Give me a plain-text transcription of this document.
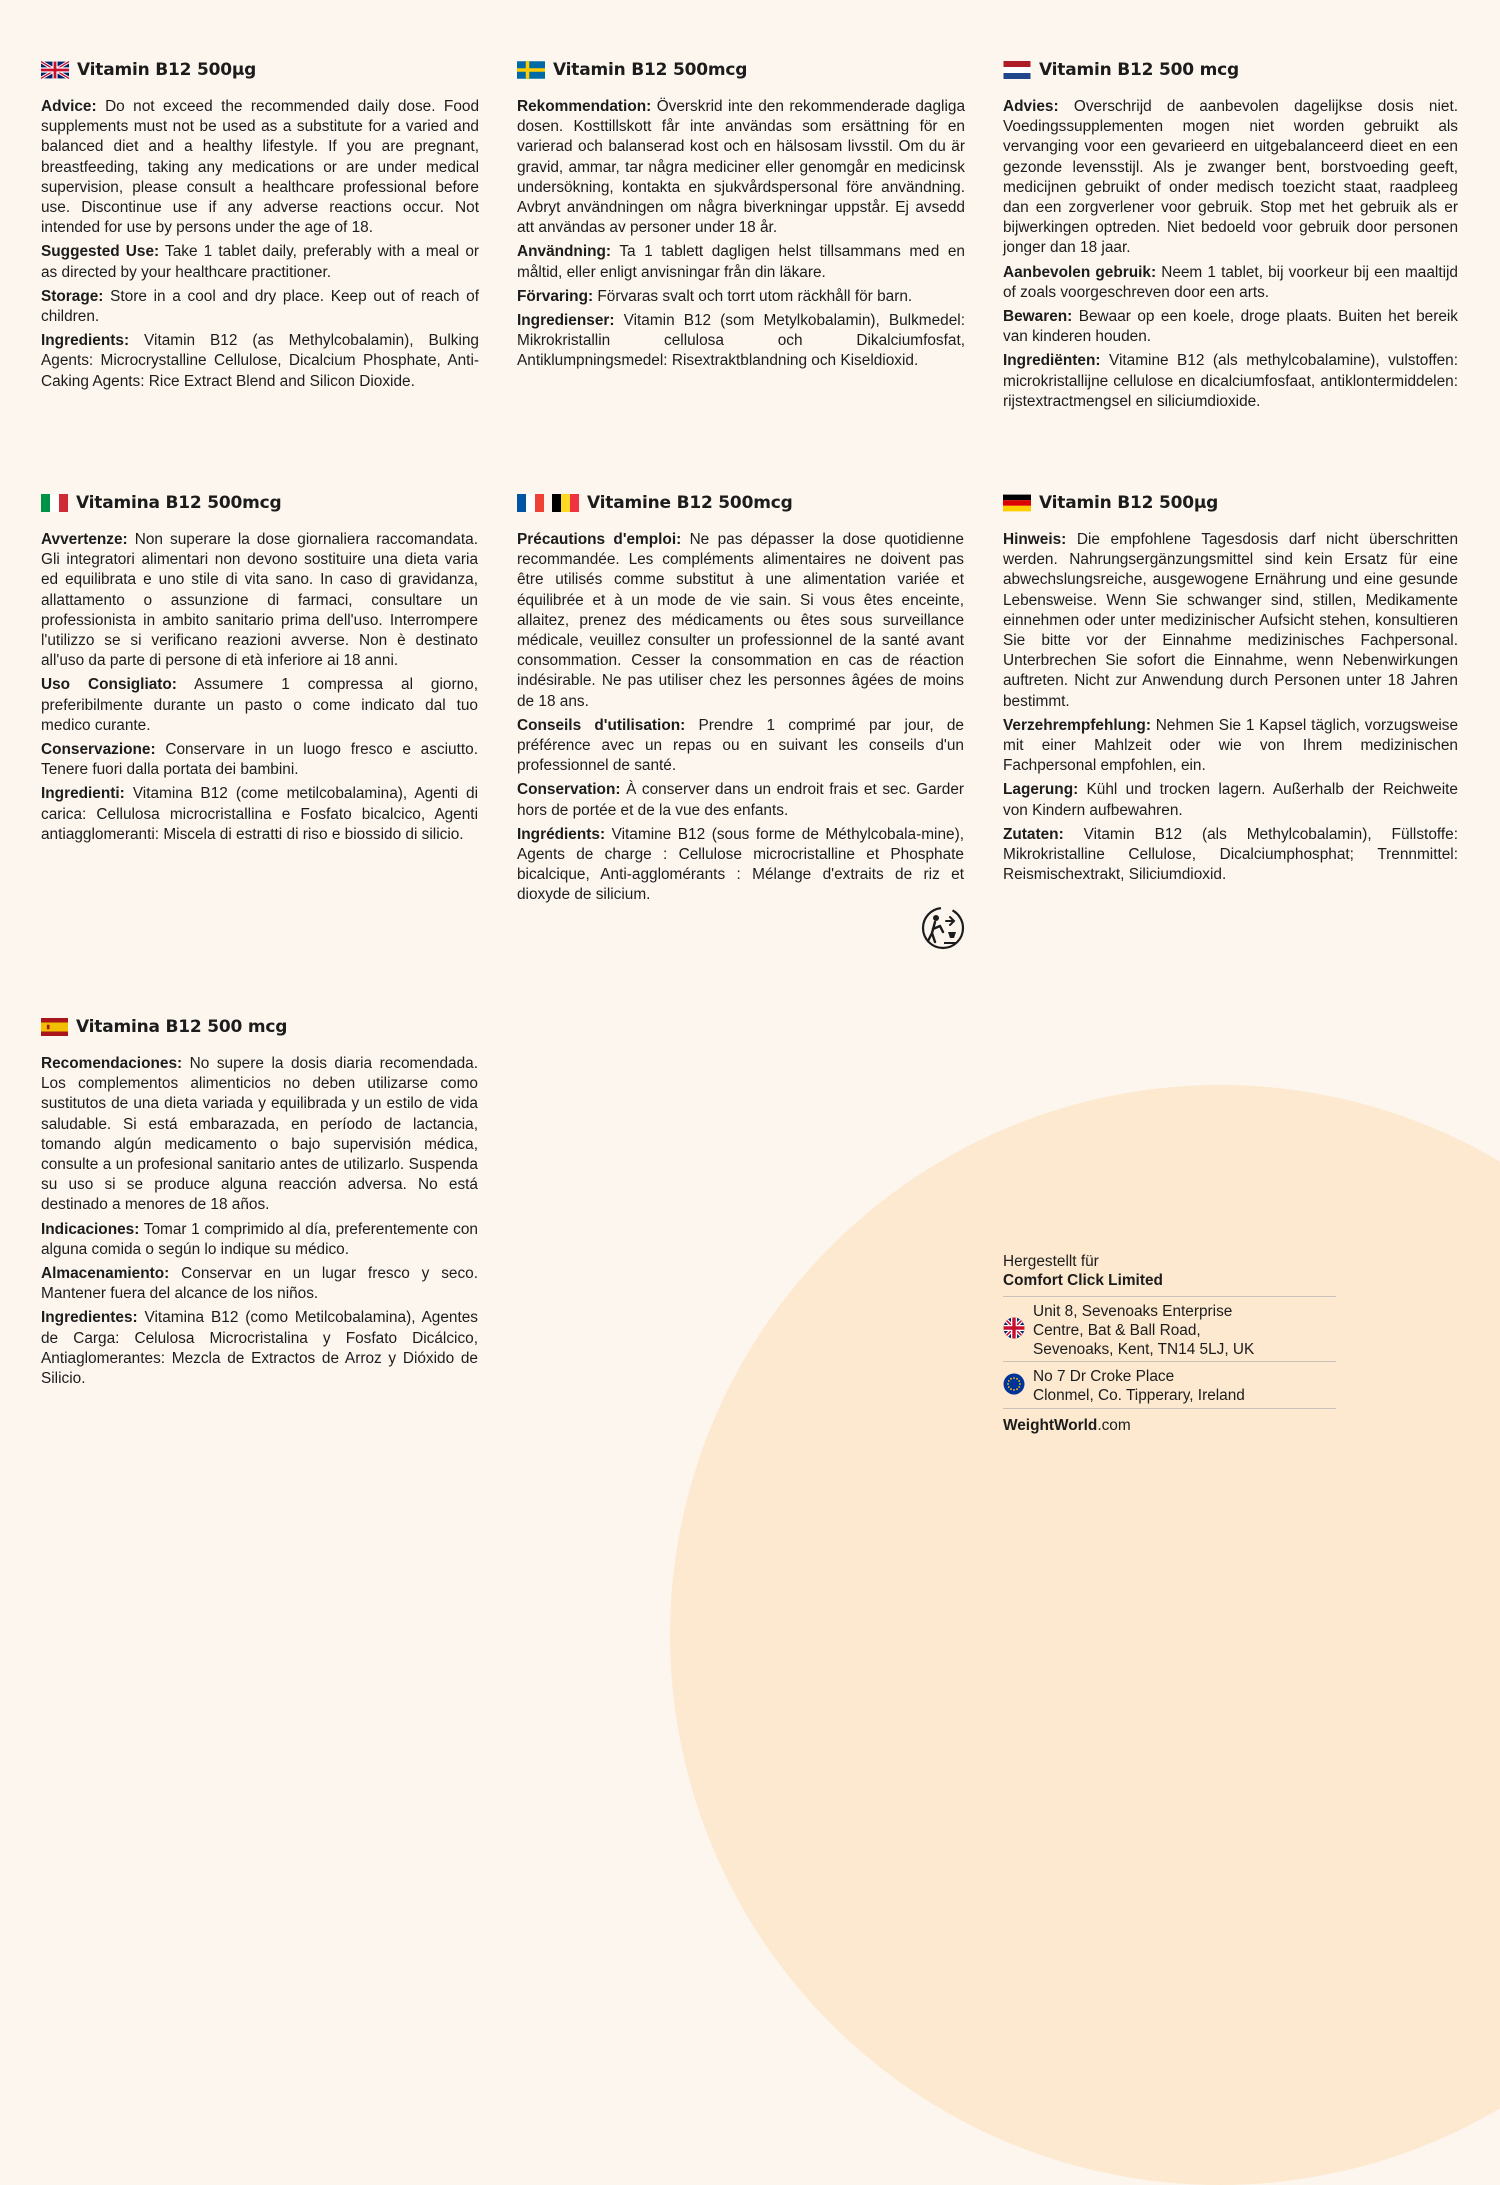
Vitamin B12 500µg

Advice: Do not exceed the recommended daily dose. Food supplements must not be used as a substitute for a varied and balanced diet and a healthy lifestyle. If you are pregnant, breastfeeding, taking any medications or are under medical supervision, please consult a healthcare professional before use. Discontinue use if any adverse reactions occur. Not intended for use by persons under the age of 18.

Suggested Use: Take 1 tablet daily, preferably with a meal or as directed by your healthcare practitioner.

Storage: Store in a cool and dry place. Keep out of reach of children.

Ingredients: Vitamin B12 (as Methylcobalamin), Bulking Agents: Microcrystalline Cellulose, Dicalcium Phosphate, Anti-Caking Agents: Rice Extract Blend and Silicon Dioxide.

Vitamin B12 500mcg

Rekommendation: Överskrid inte den rekommenderade dagliga dosen. Kosttillskott får inte användas som ersättning för en varierad och balanserad kost och en hälsosam livsstil. Om du är gravid, ammar, tar några mediciner eller genomgår en medicinsk undersökning, kontakta en sjukvårdspersonal före användning. Avbryt användningen om några biverkningar uppstår. Ej avsedd att användas av personer under 18 år.

Användning: Ta 1 tablett dagligen helst tillsammans med en måltid, eller enligt anvisningar från din läkare.

Förvaring: Förvaras svalt och torrt utom räckhåll för barn.

Ingredienser: Vitamin B12 (som Metylkobalamin), Bulkmedel: Mikrokristallin cellulosa och Dikalciumfosfat, Antiklumpningsmedel: Risextraktblandning och Kiseldioxid.

Vitamin B12 500 mcg

Advies: Overschrijd de aanbevolen dagelijkse dosis niet. Voedingssupplementen mogen niet worden gebruikt als vervanging voor een gevarieerd en uitgebalanceerd dieet en een gezonde levensstijl. Als je zwanger bent, borstvoeding geeft, medicijnen gebruikt of onder medisch toezicht staat, raadpleeg dan een zorgverlener voor gebruik. Stop met het gebruik als er bijwerkingen optreden. Niet bedoeld voor gebruik door personen jonger dan 18 jaar.

Aanbevolen gebruik: Neem 1 tablet, bij voorkeur bij een maaltijd of zoals voorgeschreven door een arts.

Bewaren: Bewaar op een koele, droge plaats. Buiten het bereik van kinderen houden.

Ingrediënten: Vitamine B12 (als methylcobalamine), vulstoffen: microkristallijne cellulose en dicalciumfosfaat, antiklontermiddelen: rijstextractmengsel en siliciumdioxide.

Vitamina B12 500mcg

Avvertenze: Non superare la dose giornaliera raccomandata. Gli integratori alimentari non devono sostituire una dieta varia ed equilibrata e uno stile di vita sano. In caso di gravidanza, allattamento o assunzione di farmaci, consultare un professionista in ambito sanitario prima dell'uso. Interrompere l'utilizzo se si verificano reazioni avverse. Non è destinato all'uso da parte di persone di età inferiore ai 18 anni.

Uso Consigliato: Assumere 1 compressa al giorno, preferibilmente durante un pasto o come indicato dal tuo medico curante.

Conservazione: Conservare in un luogo fresco e asciutto. Tenere fuori dalla portata dei bambini.

Ingredienti: Vitamina B12 (come metilcobalamina), Agenti di carica: Cellulosa microcristallina e Fosfato bicalcico, Agenti antiagglomeranti: Miscela di estratti di riso e biossido di silicio.

Vitamine B12 500mcg

Précautions d'emploi: Ne pas dépasser la dose quotidienne recommandée. Les compléments alimentaires ne doivent pas être utilisés comme substitut à une alimentation variée et équilibrée et à un mode de vie sain. Si vous êtes enceinte, allaitez, prenez des médicaments ou êtes sous surveillance médicale, veuillez consulter un professionnel de la santé avant consommation. Cesser la consommation en cas de réaction indésirable. Ne pas utiliser chez les personnes âgées de moins de 18 ans.

Conseils d'utilisation: Prendre 1 comprimé par jour, de préférence avec un repas ou en suivant les conseils d'un professionnel de santé.

Conservation: À conserver dans un endroit frais et sec. Garder hors de portée et de la vue des enfants.

Ingrédients: Vitamine B12 (sous forme de Méthylcobala-mine), Agents de charge : Cellulose microcristalline et Phosphate bicalcique, Anti-agglomérants : Mélange d'extraits de riz et dioxyde de silicium.

Vitamin B12 500µg

Hinweis: Die empfohlene Tagesdosis darf nicht überschritten werden. Nahrungsergänzungsmittel sind kein Ersatz für eine abwechslungsreiche, ausgewogene Ernährung und eine gesunde Lebensweise. Wenn Sie schwanger sind, stillen, Medikamente einnehmen oder unter medizinischer Aufsicht stehen, konsultieren Sie bitte vor der Einnahme medizinisches Fachpersonal. Unterbrechen Sie sofort die Einnahme, wenn Nebenwirkungen auftreten. Nicht zur Anwendung durch Personen unter 18 Jahren bestimmt.

Verzehrempfehlung: Nehmen Sie 1 Kapsel täglich, vorzugsweise mit einer Mahlzeit oder wie von Ihrem medizinischen Fachpersonal empfohlen, ein.

Lagerung: Kühl und trocken lagern. Außerhalb der Reichweite von Kindern aufbewahren.

Zutaten: Vitamin B12 (als Methylcobalamin), Füllstoffe: Mikrokristalline Cellulose, Dicalciumphosphat; Trennmittel: Reismischextrakt, Siliciumdioxid.

Vitamina B12 500 mcg

Recomendaciones: No supere la dosis diaria recomendada. Los complementos alimenticios no deben utilizarse como sustitutos de una dieta variada y equilibrada y un estilo de vida saludable. Si está embarazada, en período de lactancia, tomando algún medicamento o bajo supervisión médica, consulte a un profesional sanitario antes de utilizarlo. Suspenda su uso si se produce alguna reacción adversa. No está destinado a menores de 18 años.

Indicaciones: Tomar 1 comprimido al día, preferentemente con alguna comida o según lo indique su médico.

Almacenamiento: Conservar en un lugar fresco y seco. Mantener fuera del alcance de los niños.

Ingredientes: Vitamina B12 (como Metilcobalamina), Agentes de Carga: Celulosa Microcristalina y Fosfato Dicálcico, Antiaglomerantes: Mezcla de Extractos de Arroz y Dióxido de Silicio.

Hergestellt für
Comfort Click Limited
Unit 8, Sevenoaks Enterprise
Centre, Bat & Ball Road,
Sevenoaks, Kent, TN14 5LJ, UK
No 7 Dr Croke Place
Clonmel, Co. Tipperary, Ireland
WeightWorld.com
